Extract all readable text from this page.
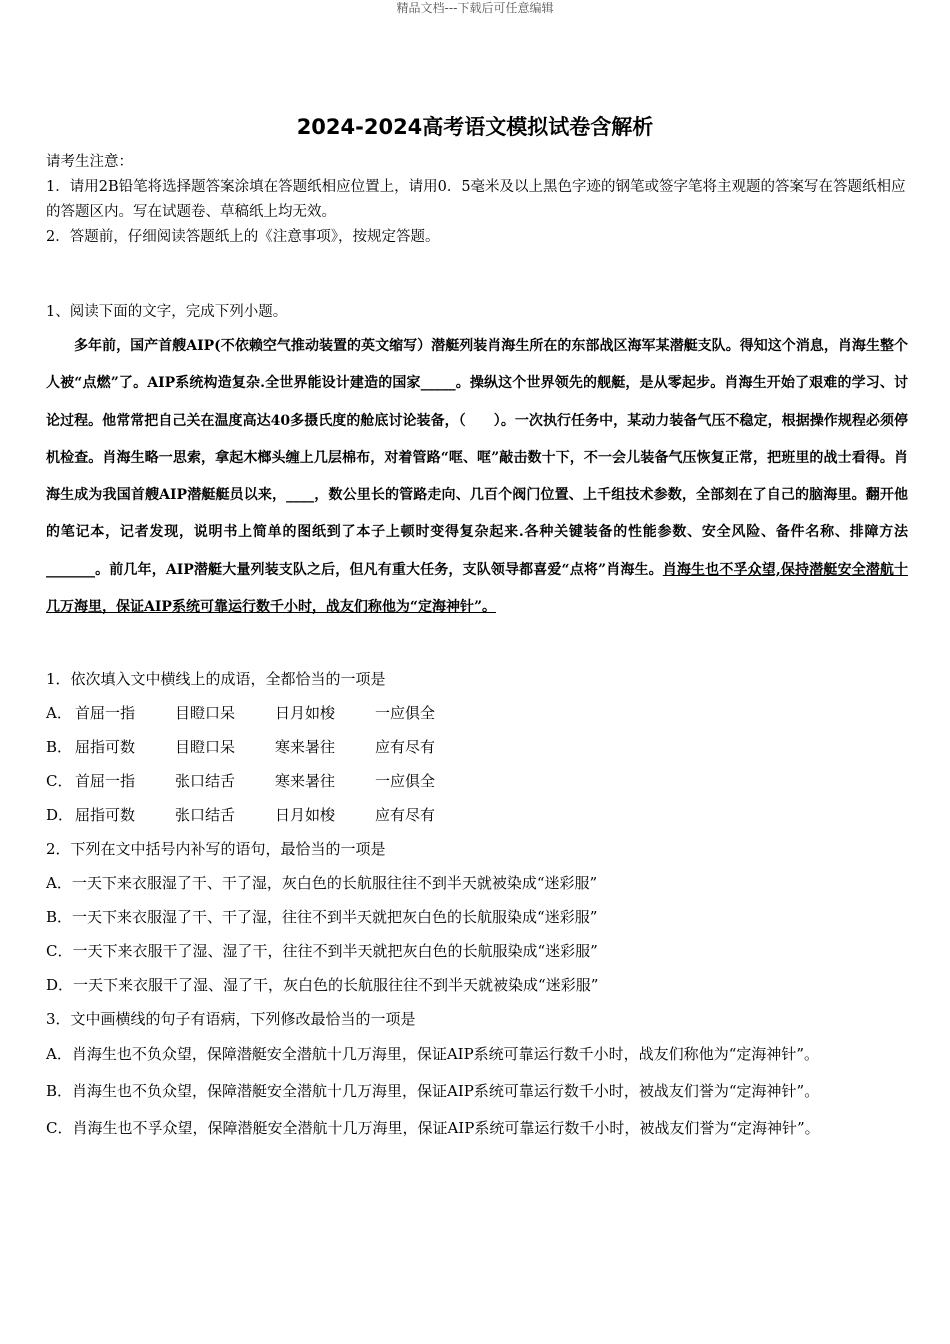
精品文档---下载后可任意编辑
2024-2024高考语文模拟试卷含解析

请考生注意：

1．请用2B铅笔将选择题答案涂填在答题纸相应位置上，请用0．5毫米及以上黑色字迹的钢笔或签字笔将主观题的答案写在答题纸相应的答题区内。写在试题卷、草稿纸上均无效。

2．答题前，仔细阅读答题纸上的《注意事项》，按规定答题。

1、阅读下面的文字，完成下列小题。

多年前，国产首艘AIP(不依赖空气推动装置的英文缩写）潜艇列装肖海生所在的东部战区海军某潜艇支队。得知这个消息，肖海生整个人被“点燃”了。AIP系统构造复杂.全世界能设计建造的国家_____。操纵这个世界领先的舰艇，是从零起步。肖海生开始了艰难的学习、讨论过程。他常常把自己关在温度高达40多摄氏度的舱底讨论装备，（　　）。一次执行任务中，某动力装备气压不稳定，根据操作规程必须停机检查。肖海生略一思索，拿起木榔头缠上几层棉布，对着管路“哐、哐”敲击数十下，不一会儿装备气压恢复正常，把班里的战士看得。肖海生成为我国首艘AIP潜艇艇员以来，____，数公里长的管路走向、几百个阀门位置、上千组技术参数，全部刻在了自己的脑海里。翻开他的笔记本，记者发现，说明书上简单的图纸到了本子上顿时变得复杂起来.各种关键装备的性能参数、安全风险、备件名称、排障方法_______。前几年，AIP潜艇大量列装支队之后，但凡有重大任务，支队领导都喜爱“点将”肖海生。肖海生也不孚众望,保持潜艇安全潜航十几万海里，保证AIP系统可靠运行数千小时，战友们称他为“定海神针”。

1．依次填入文中横线上的成语，全都恰当的一项是
A． 首屈一指	目瞪口呆	日月如梭	一应俱全
B． 屈指可数	目瞪口呆	寒来暑往	应有尽有
C． 首屈一指	张口结舌	寒来暑往	一应俱全
D． 屈指可数	张口结舌	日月如梭	应有尽有
2．下列在文中括号内补写的语句，最恰当的一项是
A．一天下来衣服湿了干、干了湿，灰白色的长航服往往不到半天就被染成“迷彩服”
B．一天下来衣服湿了干、干了湿，往往不到半天就把灰白色的长航服染成“迷彩服”
C．一天下来衣服干了湿、湿了干，往往不到半天就把灰白色的长航服染成“迷彩服”
D．一天下来衣服干了湿、湿了干，灰白色的长航服往往不到半天就被染成“迷彩服”
3．文中画横线的句子有语病，下列修改最恰当的一项是
A．肖海生也不负众望，保障潜艇安全潜航十几万海里，保证AIP系统可靠运行数千小时，战友们称他为“定海神针”。
B．肖海生也不负众望，保障潜艇安全潜航十几万海里，保证AIP系统可靠运行数千小时，被战友们誉为“定海神针”。
C．肖海生也不孚众望，保障潜艇安全潜航十几万海里，保证AIP系统可靠运行数千小时，被战友们誉为“定海神针”。
